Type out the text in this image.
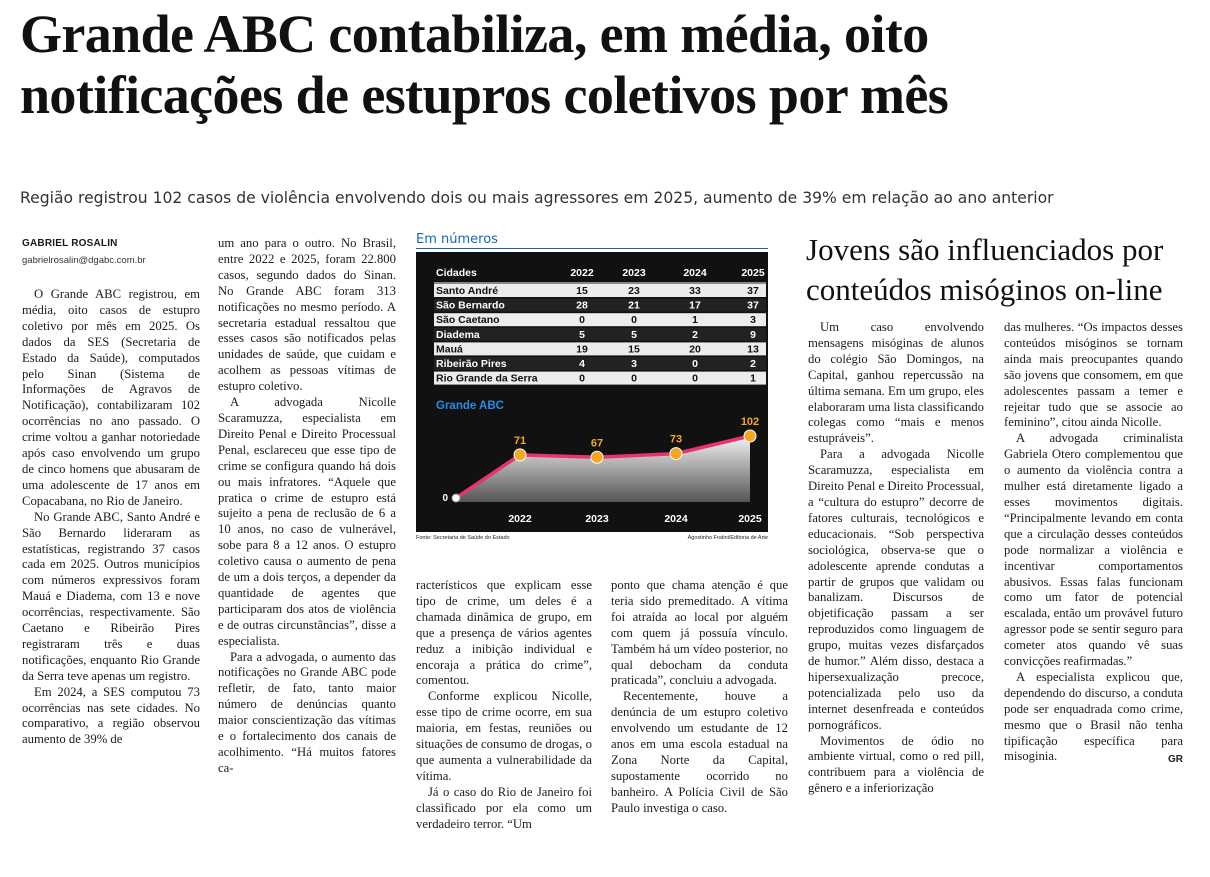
Grande ABC contabiliza, em média, oito notificações de estupros coletivos por mês
Região registrou 102 casos de violência envolvendo dois ou mais agressores em 2025, aumento de 39% em relação ao ano anterior
GABRIEL ROSALIN
gabrielrosalin@dgabc.com.br

O Grande ABC registrou, em média, oito casos de estupro coletivo por mês em 2025. Os dados da SES (Secretaria de Estado da Saúde), computados pelo Sinan (Sistema de Informações de Agravos de Notificação), contabilizaram 102 ocorrências no ano passado. O crime voltou a ganhar notoriedade após caso envolvendo um grupo de cinco homens que abusaram de uma adolescente de 17 anos em Copacabana, no Rio de Janeiro.

No Grande ABC, Santo André e São Bernardo lideraram as estatísticas, registrando 37 casos cada em 2025. Outros municípios com números expressivos foram Mauá e Diadema, com 13 e nove ocorrências, respectivamente. São Caetano e Ribeirão Pires registraram três e duas notificações, enquanto Rio Grande da Serra teve apenas um registro.

Em 2024, a SES computou 73 ocorrências nas sete cidades. No comparativo, a região observou aumento de 39% de

um ano para o outro. No Brasil, entre 2022 e 2025, foram 22.800 casos, segundo dados do Sinan. No Grande ABC foram 313 notificações no mesmo período. A secretaria estadual ressaltou que esses casos são notificados pelas unidades de saúde, que cuidam e acolhem as pessoas vítimas de estupro coletivo.

A advogada Nicolle Scaramuzza, especialista em Direito Penal e Direito Processual Penal, esclareceu que esse tipo de crime se configura quando há dois ou mais infratores. “Aquele que pratica o crime de estupro está sujeito a pena de reclusão de 6 a 10 anos, no caso de vulnerável, sobe para 8 a 12 anos. O estupro coletivo causa o aumento de pena de um a dois terços, a depender da quantidade de agentes que participaram dos atos de violência e de outras circunstâncias”, disse a especialista.

Para a advogada, o aumento das notificações no Grande ABC pode refletir, de fato, tanto maior número de denúncias quanto maior conscientização das vítimas e o fortalecimento dos canais de acolhimento. “Há muitos fatores ca-

racterísticos que explicam esse tipo de crime, um deles é a chamada dinâmica de grupo, em que a presença de vários agentes reduz a inibição individual e encoraja a prática do crime”, comentou.

Conforme explicou Nicolle, esse tipo de crime ocorre, em sua maioria, em festas, reuniões ou situações de consumo de drogas, o que aumenta a vulnerabilidade da vítima.

Já o caso do Rio de Janeiro foi classificado por ela como um verdadeiro terror. “Um

ponto que chama atenção é que teria sido premeditado. A vítima foi atraída ao local por alguém com quem já possuía vínculo. Também há um vídeo posterior, no qual debocham da conduta praticada”, concluiu a advogada.

Recentemente, houve a denúncia de um estupro coletivo envolvendo um estudante de 12 anos em uma escola estadual na Zona Norte da Capital, supostamente ocorrido no banheiro. A Polícia Civil de São Paulo investiga o caso.

Em números
Cidades	2022	2023	2024	2025
Santo André	15	23	33	37
São Bernardo	28	21	17	37
São Caetano	0	0	1	3
Diadema	5	5	2	9
Mauá	19	15	20	13
Ribeirão Pires	4	3	0	2
Rio Grande da Serra	0	0	0	1
Grande ABC
0
71	67	73
102
2022	2023	2024	2025
Fonte: Secretaria de Saúde do Estado	Agostinho Fratini/Editoria de Arte
Jovens são influenciados por conteúdos misóginos on-line

Um caso envolvendo mensagens misóginas de alunos do colégio São Domingos, na Capital, ganhou repercussão na última semana. Em um grupo, eles elaboraram uma lista classificando colegas como “mais e menos estupráveis”.

Para a advogada Nicolle Scaramuzza, especialista em Direito Penal e Direito Processual, a “cultura do estupro” decorre de fatores culturais, tecnológicos e educacionais. “Sob perspectiva sociológica, observa-se que o adolescente aprende condutas a partir de grupos que validam ou banalizam. Discursos de objetificação passam a ser reproduzidos como linguagem de grupo, muitas vezes disfarçados de humor.” Além disso, destaca a hipersexualização precoce, potencializada pelo uso da internet desenfreada e conteúdos pornográficos.

Movimentos de ódio no ambiente virtual, como o red pill, contribuem para a violência de gênero e a inferiorização

das mulheres. “Os impactos desses conteúdos misóginos se tornam ainda mais preocupantes quando são jovens que consomem, em que adolescentes passam a temer e rejeitar tudo que se associe ao feminino”, citou ainda Nicolle.

A advogada criminalista Gabriela Otero complementou que o aumento da violência contra a mulher está diretamente ligado a esses movimentos digitais. “Principalmente levando em conta que a circulação desses conteúdos pode normalizar a violência e incentivar comportamentos abusivos. Essas falas funcionam como um fator de potencial escalada, então um provável futuro agressor pode se sentir seguro para cometer atos quando vê suas convicções reafirmadas.”

A especialista explicou que, dependendo do discurso, a conduta pode ser enquadrada como crime, mesmo que o Brasil não tenha tipificação específica para misoginia.	GR
